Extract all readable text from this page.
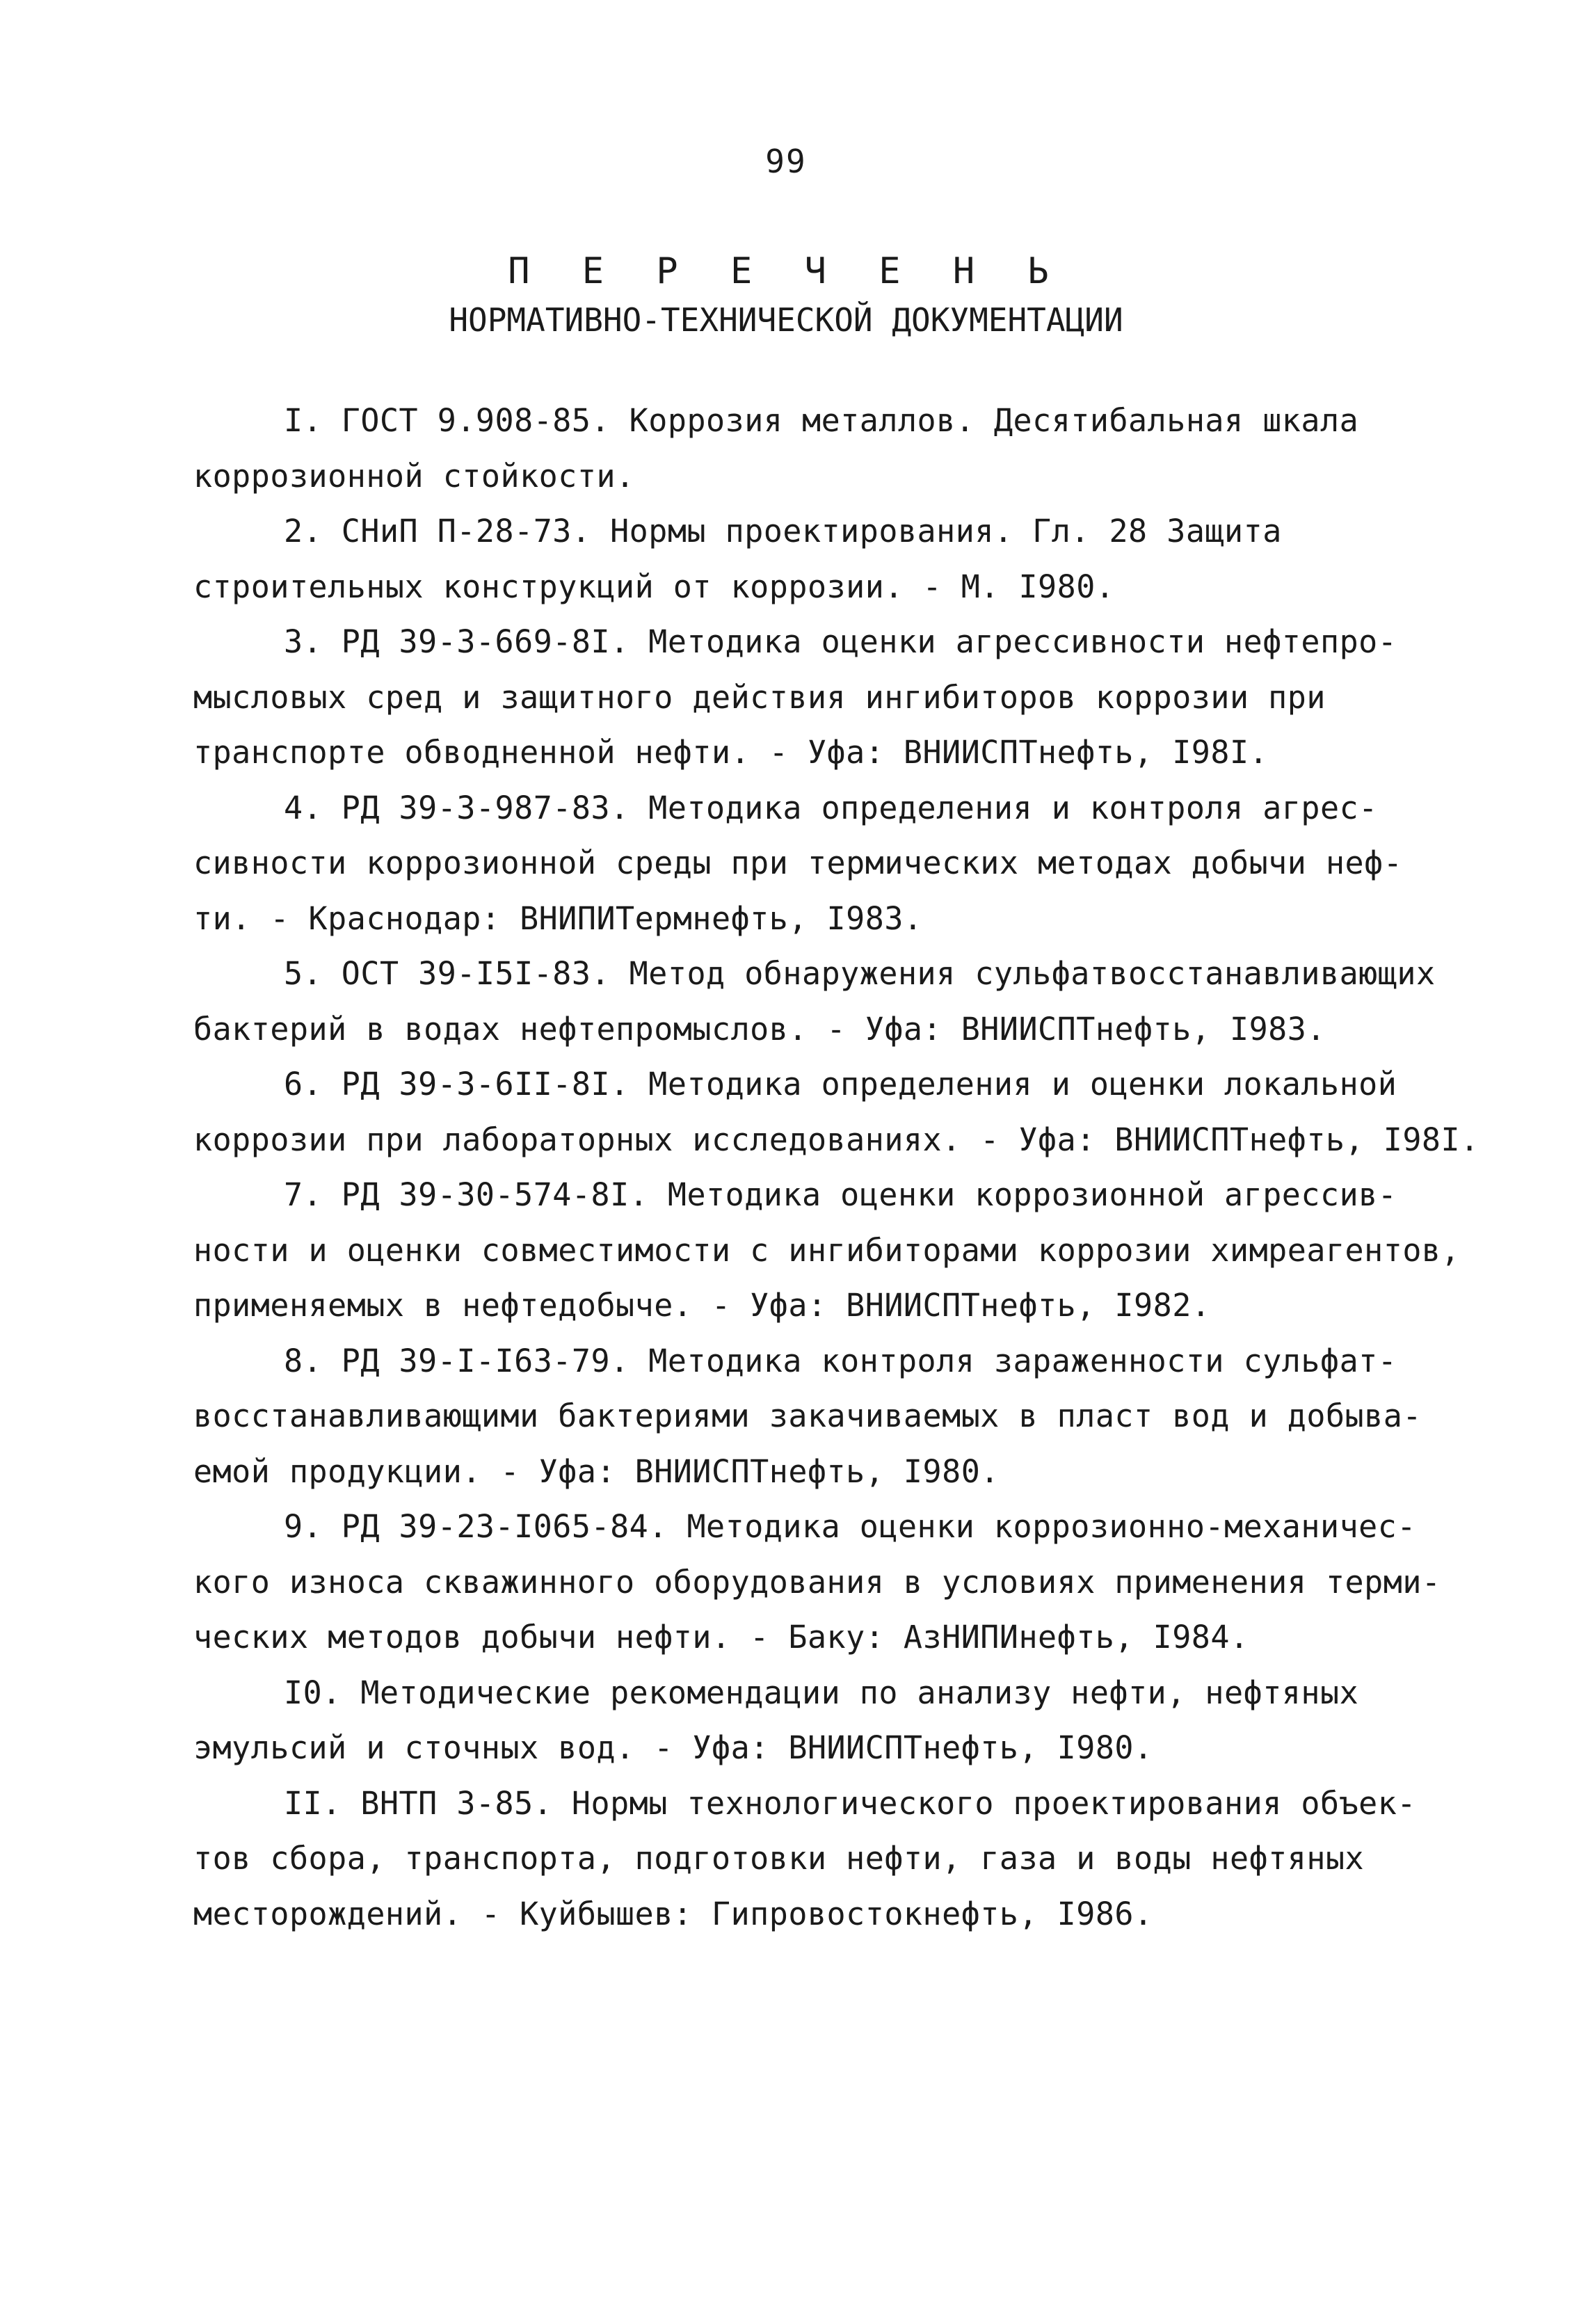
99
П Е Р Е Ч Е Н Ь
НОРМАТИВНО-ТЕХНИЧЕСКОЙ ДОКУМЕНТАЦИИ
I. ГОСТ 9.908-85. Коррозия металлов. Десятибальная шкала
коррозионной стойкости.
2. СНиП П-28-73. Нормы проектирования. Гл. 28 Защита
строительных конструкций от коррозии. - М. I980.
3. РД 39-3-669-8I. Методика оценки агрессивности нефтепро-
мысловых сред и защитного действия ингибиторов коррозии при
транспорте обводненной нефти. - Уфа: ВНИИСПТнефть, I98I.
4. РД 39-3-987-83. Методика определения и контроля агрес-
сивности коррозионной среды при термических методах добычи неф-
ти. - Краснодар: ВНИПИТермнефть, I983.
5. ОСТ 39-I5I-83. Метод обнаружения сульфатвосстанавливающих
бактерий в водах нефтепромыслов. - Уфа: ВНИИСПТнефть, I983.
6. РД 39-3-6II-8I. Методика определения и оценки локальной
коррозии при лабораторных исследованиях. - Уфа: ВНИИСПТнефть, I98I.
7. РД 39-30-574-8I. Методика оценки коррозионной агрессив-
ности и оценки совместимости с ингибиторами коррозии химреагентов,
применяемых в нефтедобыче. - Уфа: ВНИИСПТнефть, I982.
8. РД 39-I-I63-79. Методика контроля зараженности сульфат-
восстанавливающими бактериями закачиваемых в пласт вод и добыва-
емой продукции. - Уфа: ВНИИСПТнефть, I980.
9. РД 39-23-I065-84. Методика оценки коррозионно-механичес-
кого износа скважинного оборудования в условиях применения терми-
ческих методов добычи нефти. - Баку: АзНИПИнефть, I984.
I0. Методические рекомендации по анализу нефти, нефтяных
эмульсий и сточных вод. - Уфа: ВНИИСПТнефть, I980.
II. ВНТП 3-85. Нормы технологического проектирования объек-
тов сбора, транспорта, подготовки нефти, газа и воды нефтяных
месторождений. - Куйбышев: Гипровостокнефть, I986.
